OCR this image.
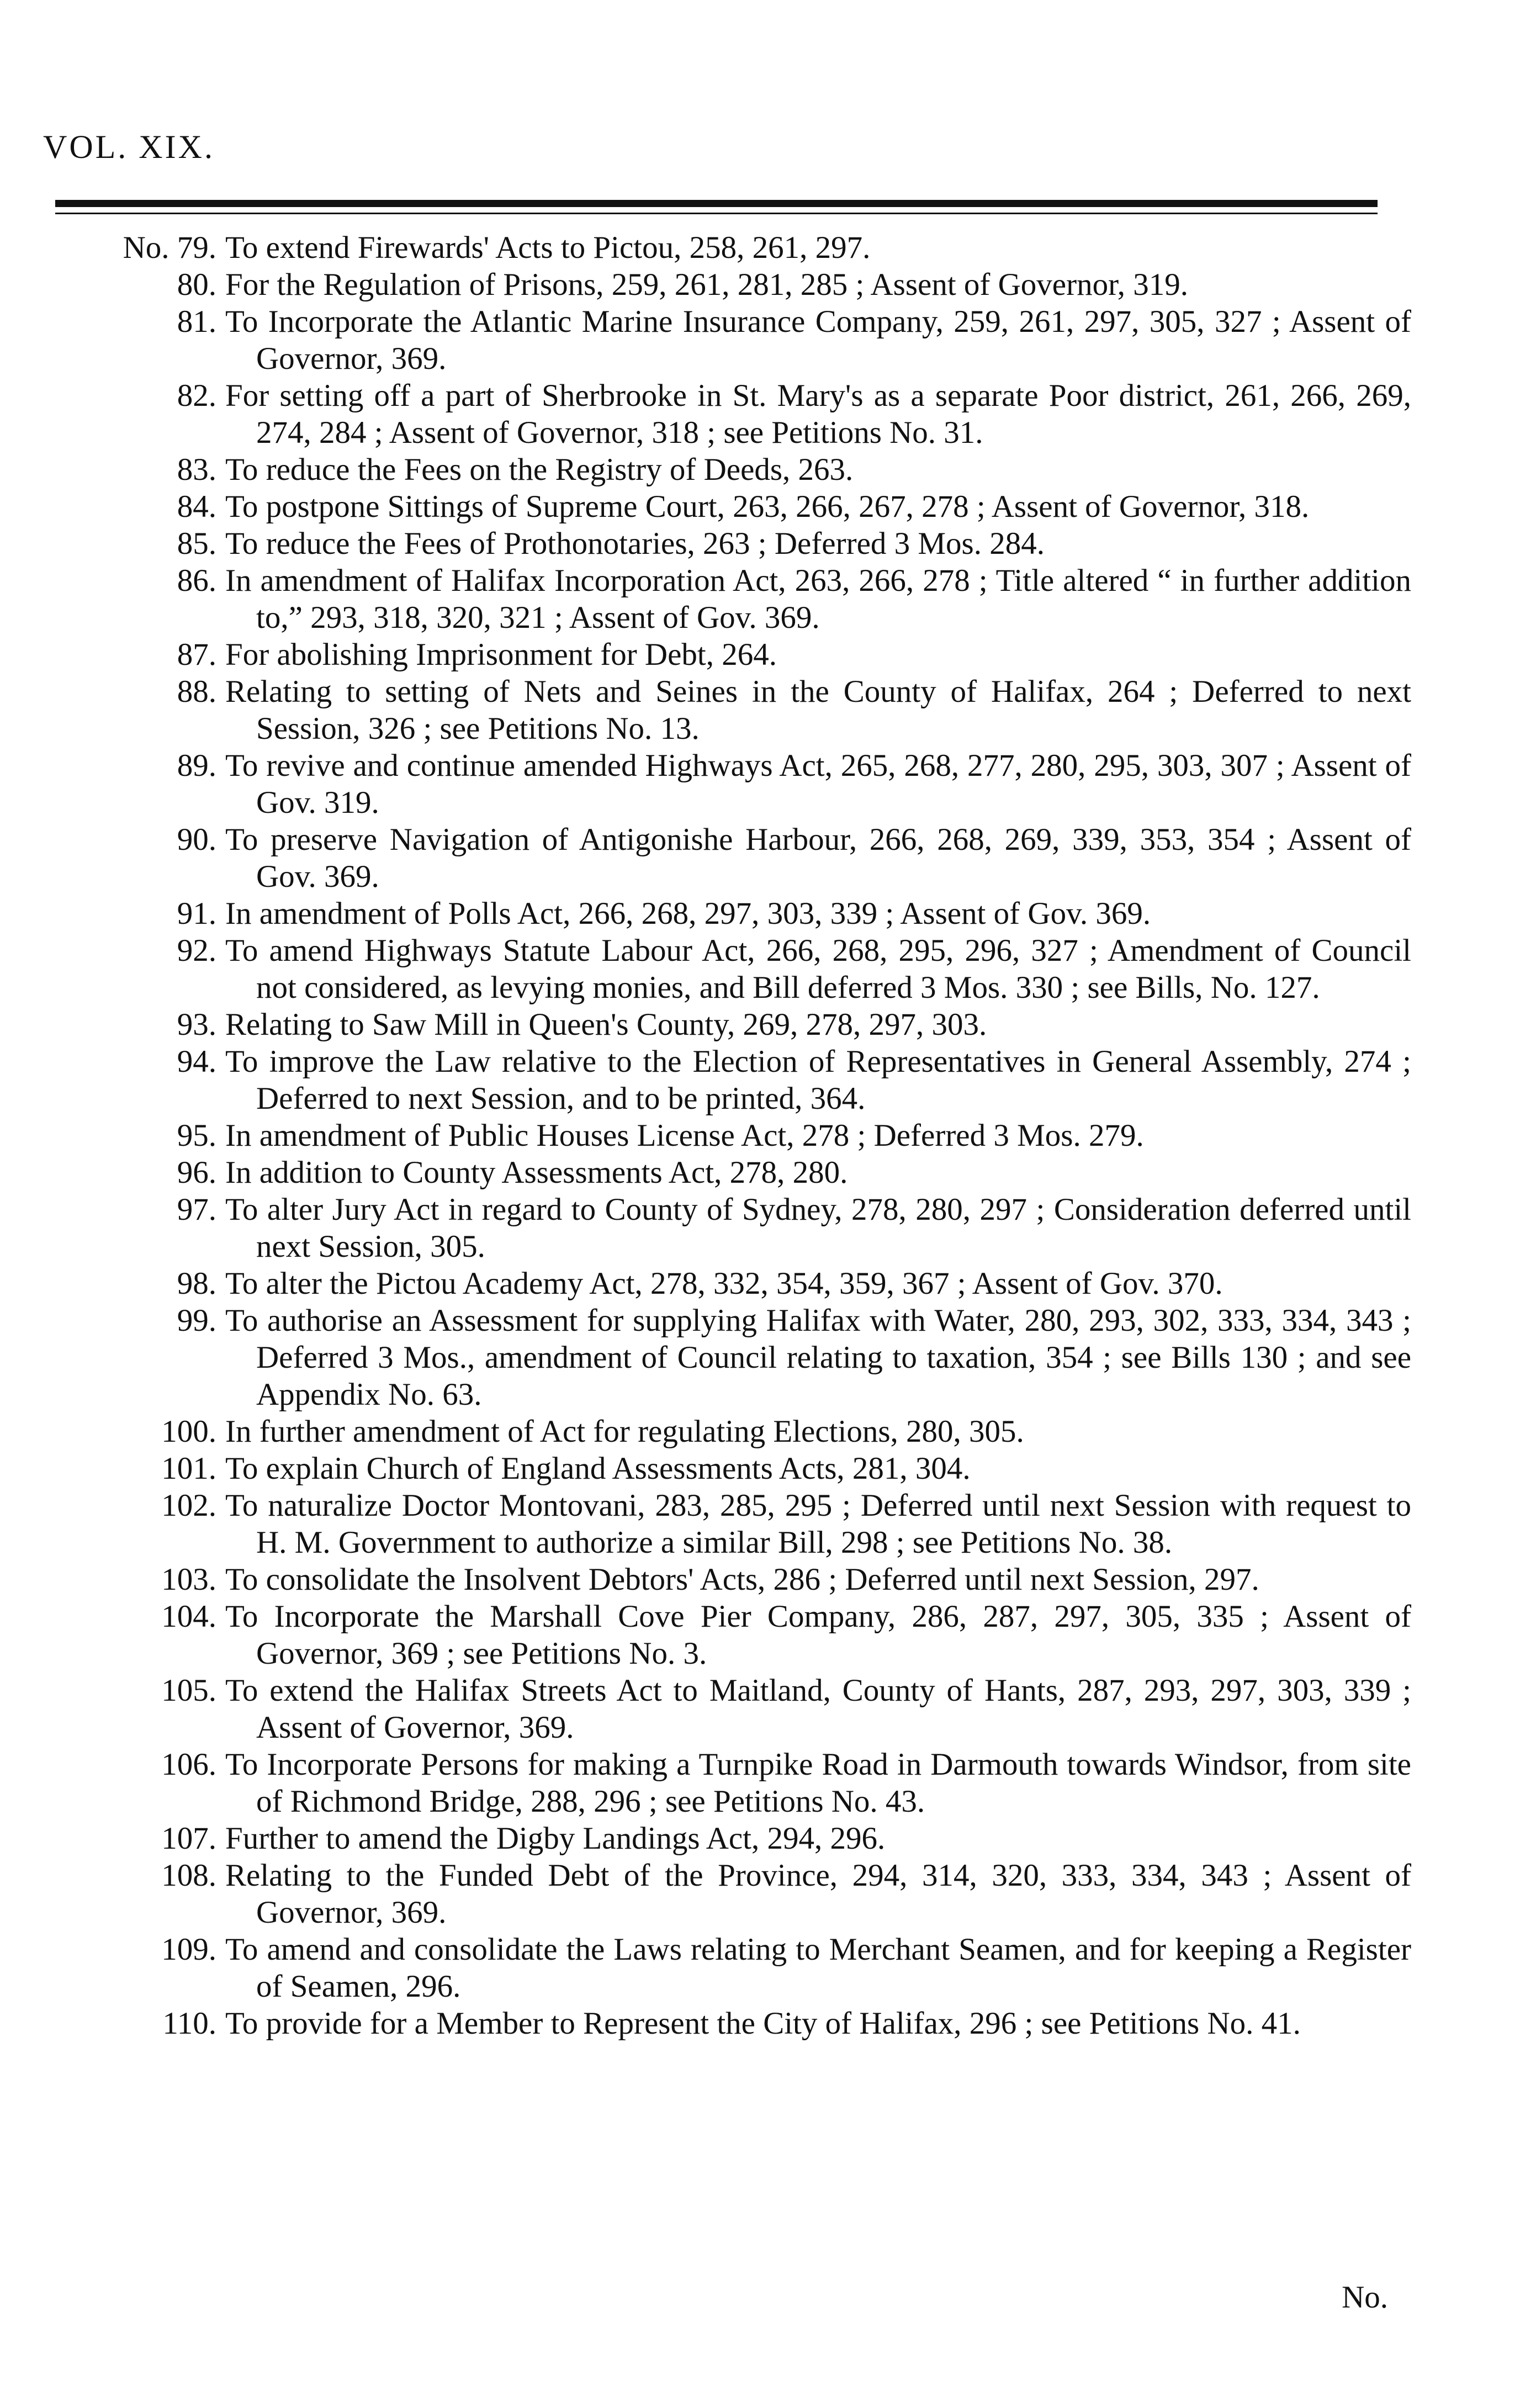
VOL. XIX.
No. 79. To extend Firewards' Acts to Pictou, 258, 261, 297.
80. For the Regulation of Prisons, 259, 261, 281, 285 ; Assent of Governor, 319.
81. To Incorporate the Atlantic Marine Insurance Company, 259, 261, 297, 305, 327 ; Assent of Governor, 369.
82. For setting off a part of Sherbrooke in St. Mary's as a separate Poor district, 261, 266, 269, 274, 284 ; Assent of Governor, 318 ; see Petitions No. 31.
83. To reduce the Fees on the Registry of Deeds, 263.
84. To postpone Sittings of Supreme Court, 263, 266, 267, 278 ; Assent of Governor, 318.
85. To reduce the Fees of Prothonotaries, 263 ; Deferred 3 Mos. 284.
86. In amendment of Halifax Incorporation Act, 263, 266, 278 ; Title altered “ in further addition to,” 293, 318, 320, 321 ; Assent of Gov. 369.
87. For abolishing Imprisonment for Debt, 264.
88. Relating to setting of Nets and Seines in the County of Halifax, 264 ; Deferred to next Session, 326 ; see Petitions No. 13.
89. To revive and continue amended Highways Act, 265, 268, 277, 280, 295, 303, 307 ; Assent of Gov. 319.
90. To preserve Navigation of Antigonishe Harbour, 266, 268, 269, 339, 353, 354 ; Assent of Gov. 369.
91. In amendment of Polls Act, 266, 268, 297, 303, 339 ; Assent of Gov. 369.
92. To amend Highways Statute Labour Act, 266, 268, 295, 296, 327 ; Amendment of Council not considered, as levying monies, and Bill deferred 3 Mos. 330 ; see Bills, No. 127.
93. Relating to Saw Mill in Queen's County, 269, 278, 297, 303.
94. To improve the Law relative to the Election of Representatives in General Assembly, 274 ; Deferred to next Session, and to be printed, 364.
95. In amendment of Public Houses License Act, 278 ; Deferred 3 Mos. 279.
96. In addition to County Assessments Act, 278, 280.
97. To alter Jury Act in regard to County of Sydney, 278, 280, 297 ; Consideration deferred until next Session, 305.
98. To alter the Pictou Academy Act, 278, 332, 354, 359, 367 ; Assent of Gov. 370.
99. To authorise an Assessment for supplying Halifax with Water, 280, 293, 302, 333, 334, 343 ; Deferred 3 Mos., amendment of Council relating to taxation, 354 ; see Bills 130 ; and see Appendix No. 63.
100. In further amendment of Act for regulating Elections, 280, 305.
101. To explain Church of England Assessments Acts, 281, 304.
102. To naturalize Doctor Montovani, 283, 285, 295 ; Deferred until next Session with request to H. M. Government to authorize a similar Bill, 298 ; see Petitions No. 38.
103. To consolidate the Insolvent Debtors' Acts, 286 ; Deferred until next Session, 297.
104. To Incorporate the Marshall Cove Pier Company, 286, 287, 297, 305, 335 ; Assent of Governor, 369 ; see Petitions No. 3.
105. To extend the Halifax Streets Act to Maitland, County of Hants, 287, 293, 297, 303, 339 ; Assent of Governor, 369.
106. To Incorporate Persons for making a Turnpike Road in Darmouth towards Windsor, from site of Richmond Bridge, 288, 296 ; see Petitions No. 43.
107. Further to amend the Digby Landings Act, 294, 296.
108. Relating to the Funded Debt of the Province, 294, 314, 320, 333, 334, 343 ; Assent of Governor, 369.
109. To amend and consolidate the Laws relating to Merchant Seamen, and for keeping a Register of Seamen, 296.
110. To provide for a Member to Represent the City of Halifax, 296 ; see Petitions No. 41.
No.
